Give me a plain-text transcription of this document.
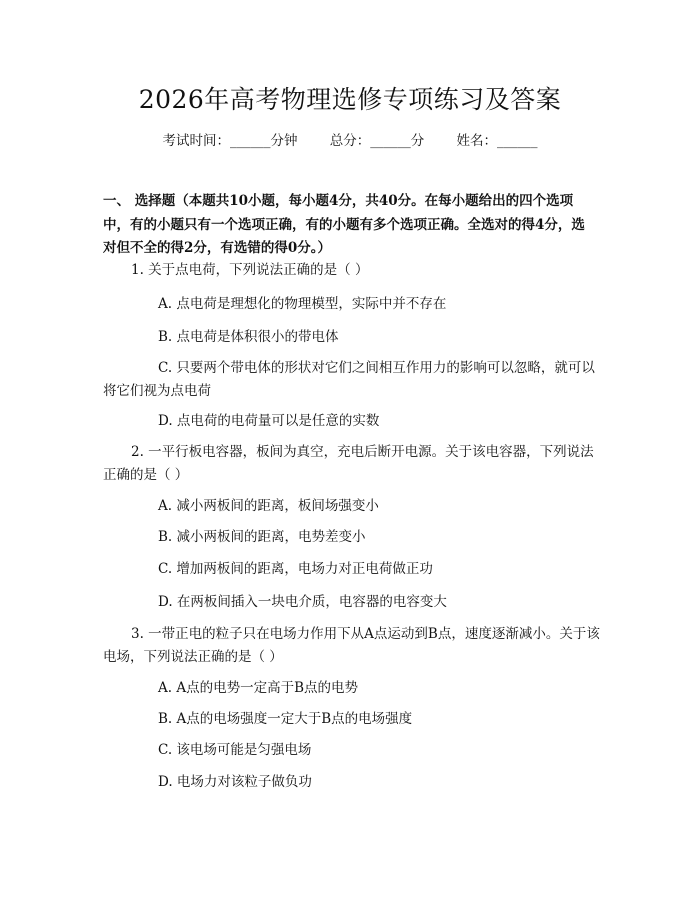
2026年高考物理选修专项练习及答案
考试时间：______分钟 总分：______分 姓名：______
一、 选择题（本题共10小题，每小题4分，共40分。在每小题给出的四个选项中，有的小题只有一个选项正确，有的小题有多个选项正确。全选对的得4分，选对但不全的得2分，有选错的得0分。）
1. 关于点电荷，下列说法正确的是（ ）
A. 点电荷是理想化的物理模型，实际中并不存在
B. 点电荷是体积很小的带电体
C. 只要两个带电体的形状对它们之间相互作用力的影响可以忽略，就可以将它们视为点电荷
D. 点电荷的电荷量可以是任意的实数
2. 一平行板电容器，板间为真空，充电后断开电源。关于该电容器，下列说法正确的是（ ）
A. 减小两板间的距离，板间场强变小
B. 减小两板间的距离，电势差变小
C. 增加两板间的距离，电场力对正电荷做正功
D. 在两板间插入一块电介质，电容器的电容变大
3. 一带正电的粒子只在电场力作用下从A点运动到B点，速度逐渐减小。关于该电场，下列说法正确的是（ ）
A. A点的电势一定高于B点的电势
B. A点的电场强度一定大于B点的电场强度
C. 该电场可能是匀强电场
D. 电场力对该粒子做负功
